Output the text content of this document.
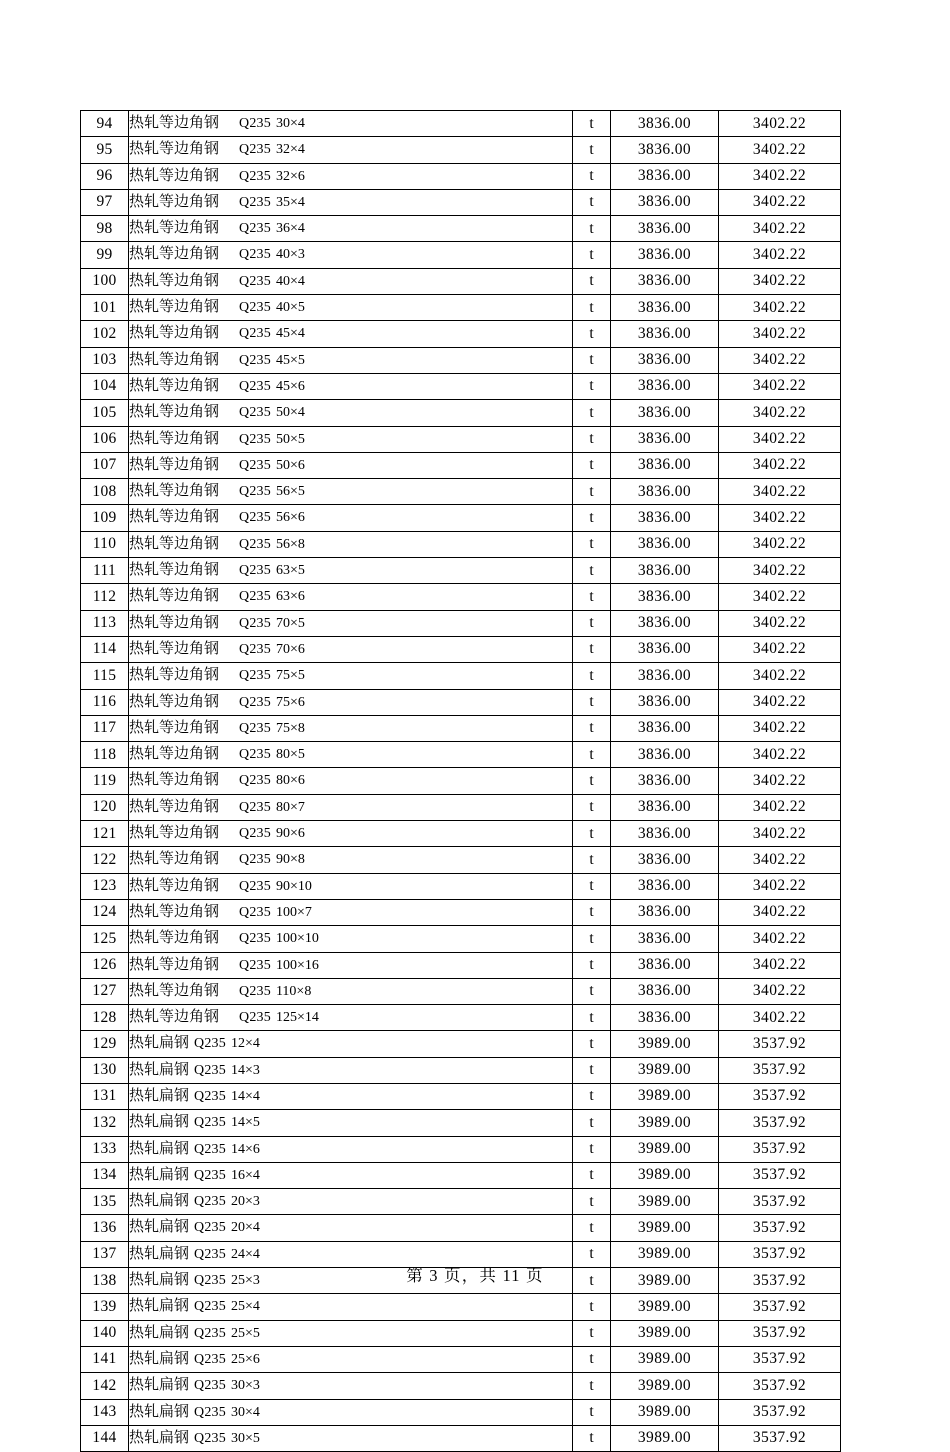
94	热轧等边角钢 Q235 30×4	t	3836.00	3402.22
95	热轧等边角钢 Q235 32×4	t	3836.00	3402.22
96	热轧等边角钢 Q235 32×6	t	3836.00	3402.22
97	热轧等边角钢 Q235 35×4	t	3836.00	3402.22
98	热轧等边角钢 Q235 36×4	t	3836.00	3402.22
99	热轧等边角钢 Q235 40×3	t	3836.00	3402.22
100	热轧等边角钢 Q235 40×4	t	3836.00	3402.22
101	热轧等边角钢 Q235 40×5	t	3836.00	3402.22
102	热轧等边角钢 Q235 45×4	t	3836.00	3402.22
103	热轧等边角钢 Q235 45×5	t	3836.00	3402.22
104	热轧等边角钢 Q235 45×6	t	3836.00	3402.22
105	热轧等边角钢 Q235 50×4	t	3836.00	3402.22
106	热轧等边角钢 Q235 50×5	t	3836.00	3402.22
107	热轧等边角钢 Q235 50×6	t	3836.00	3402.22
108	热轧等边角钢 Q235 56×5	t	3836.00	3402.22
109	热轧等边角钢 Q235 56×6	t	3836.00	3402.22
110	热轧等边角钢 Q235 56×8	t	3836.00	3402.22
111	热轧等边角钢 Q235 63×5	t	3836.00	3402.22
112	热轧等边角钢 Q235 63×6	t	3836.00	3402.22
113	热轧等边角钢 Q235 70×5	t	3836.00	3402.22
114	热轧等边角钢 Q235 70×6	t	3836.00	3402.22
115	热轧等边角钢 Q235 75×5	t	3836.00	3402.22
116	热轧等边角钢 Q235 75×6	t	3836.00	3402.22
117	热轧等边角钢 Q235 75×8	t	3836.00	3402.22
118	热轧等边角钢 Q235 80×5	t	3836.00	3402.22
119	热轧等边角钢 Q235 80×6	t	3836.00	3402.22
120	热轧等边角钢 Q235 80×7	t	3836.00	3402.22
121	热轧等边角钢 Q235 90×6	t	3836.00	3402.22
122	热轧等边角钢 Q235 90×8	t	3836.00	3402.22
123	热轧等边角钢 Q235 90×10	t	3836.00	3402.22
124	热轧等边角钢 Q235 100×7	t	3836.00	3402.22
125	热轧等边角钢 Q235 100×10	t	3836.00	3402.22
126	热轧等边角钢 Q235 100×16	t	3836.00	3402.22
127	热轧等边角钢 Q235 110×8	t	3836.00	3402.22
128	热轧等边角钢 Q235 125×14	t	3836.00	3402.22
129	热轧扁钢 Q235 12×4	t	3989.00	3537.92
130	热轧扁钢 Q235 14×3	t	3989.00	3537.92
131	热轧扁钢 Q235 14×4	t	3989.00	3537.92
132	热轧扁钢 Q235 14×5	t	3989.00	3537.92
133	热轧扁钢 Q235 14×6	t	3989.00	3537.92
134	热轧扁钢 Q235 16×4	t	3989.00	3537.92
135	热轧扁钢 Q235 20×3	t	3989.00	3537.92
136	热轧扁钢 Q235 20×4	t	3989.00	3537.92
137	热轧扁钢 Q235 24×4	t	3989.00	3537.92
138	热轧扁钢 Q235 25×3	t	3989.00	3537.92
139	热轧扁钢 Q235 25×4	t	3989.00	3537.92
140	热轧扁钢 Q235 25×5	t	3989.00	3537.92
141	热轧扁钢 Q235 25×6	t	3989.00	3537.92
142	热轧扁钢 Q235 30×3	t	3989.00	3537.92
143	热轧扁钢 Q235 30×4	t	3989.00	3537.92
144	热轧扁钢 Q235 30×5	t	3989.00	3537.92
第 3 页，共 11 页
